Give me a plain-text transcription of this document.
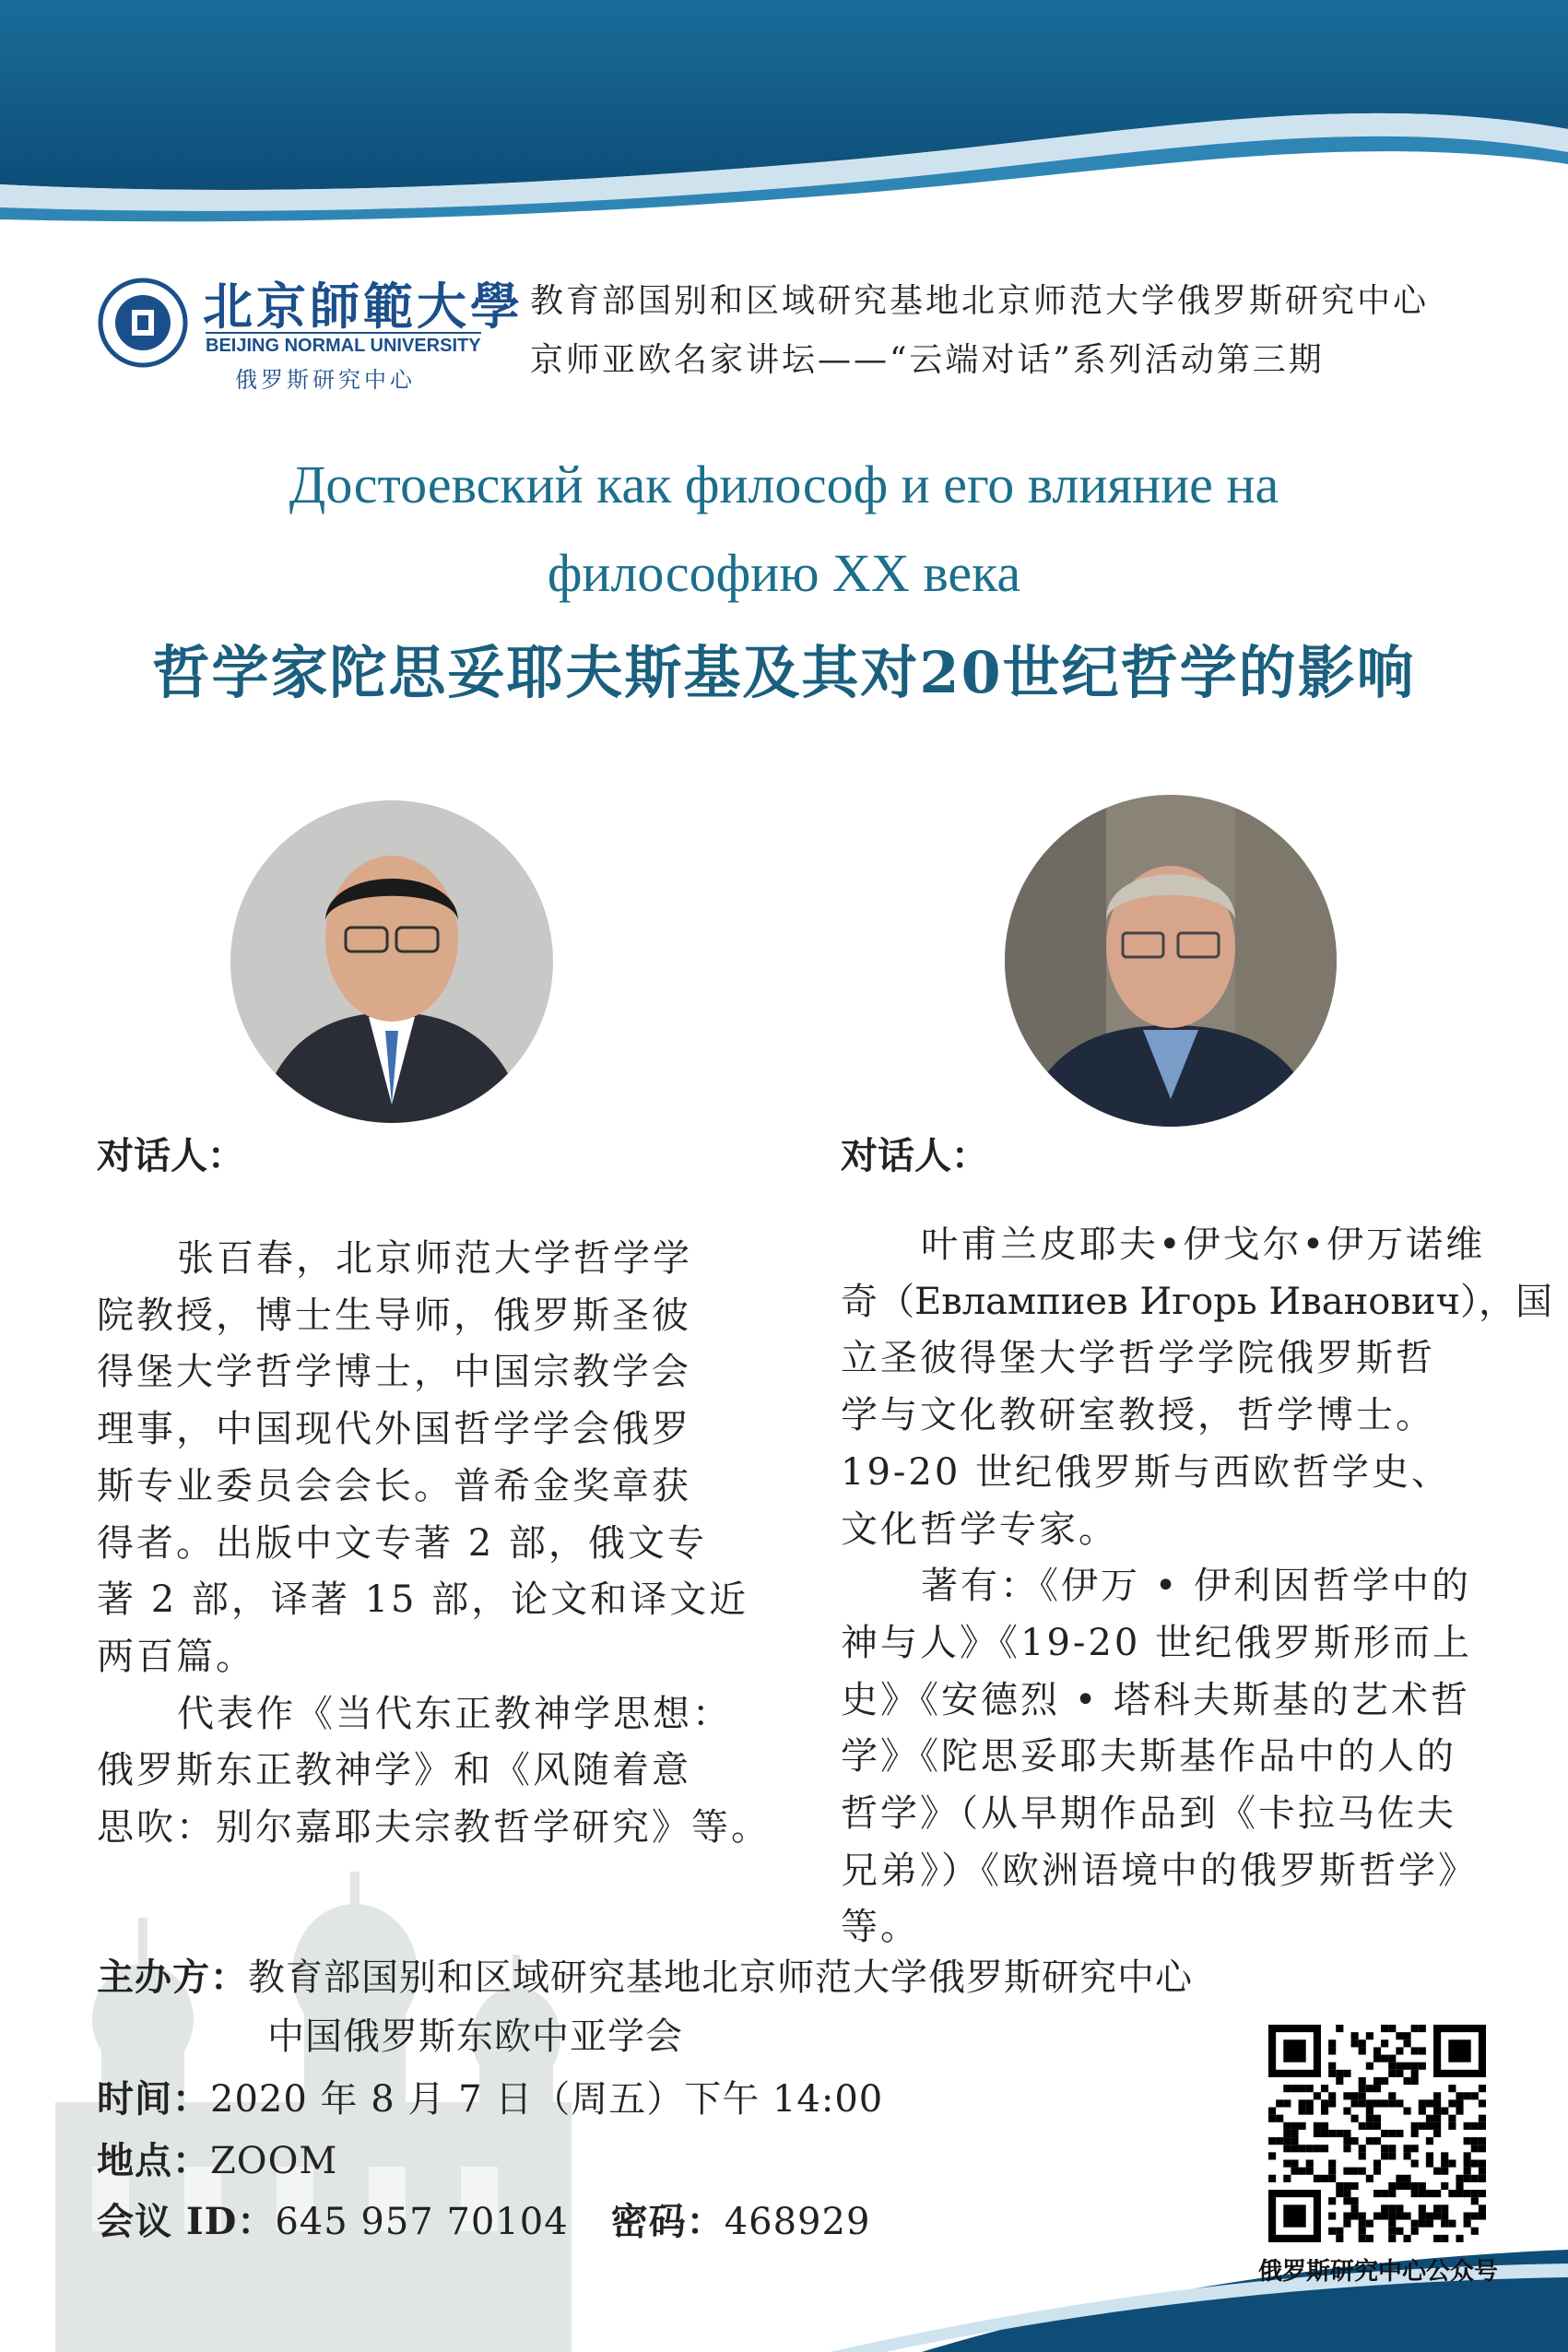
北京師範大學
BEIJING NORMAL UNIVERSITY
俄罗斯研究中心
教育部国别和区域研究基地北京师范大学俄罗斯研究中心
京师亚欧名家讲坛——“云端对话”系列活动第三期
Достоевский как философ и его влияние на
философию XX века
哲学家陀思妥耶夫斯基及其对20世纪哲学的影响
对话人：	对话人：
张百春，北京师范大学哲学学
院教授，博士生导师，俄罗斯圣彼
得堡大学哲学博士，中国宗教学会
理事，中国现代外国哲学学会俄罗
斯专业委员会会长。普希金奖章获
得者。出版中文专著 2 部，俄文专
著 2 部，译著 15 部，论文和译文近
两百篇。
代表作《当代东正教神学思想：
俄罗斯东正教神学》和《风随着意
思吹：别尔嘉耶夫宗教哲学研究》等。
叶甫兰皮耶夫•伊戈尔•伊万诺维
奇（Евлампиев Игорь Иванович），国
立圣彼得堡大学哲学学院俄罗斯哲
学与文化教研室教授，哲学博士。
19-20 世纪俄罗斯与西欧哲学史、
文化哲学专家。
著有：《伊万 • 伊利因哲学中的
神与人》《19-20 世纪俄罗斯形而上
史》《安德烈 • 塔科夫斯基的艺术哲
学》《陀思妥耶夫斯基作品中的人的
哲学》（从早期作品到《卡拉马佐夫
兄弟》）《欧洲语境中的俄罗斯哲学》
等。
主办方：教育部国别和区域研究基地北京师范大学俄罗斯研究中心
中国俄罗斯东欧中亚学会
时间：2020 年 8 月 7 日（周五）下午 14:00
地点：ZOOM
会议 ID：645 957 70104 密码：468929
俄罗斯研究中心公众号
